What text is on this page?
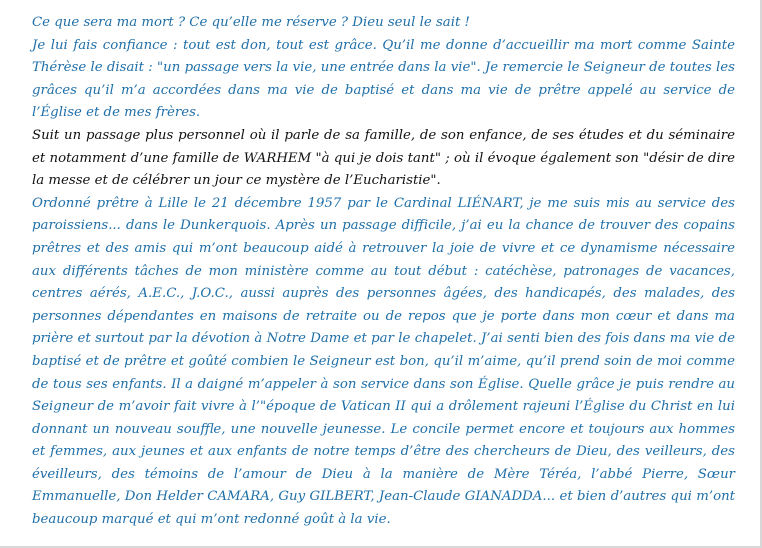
Ce que sera ma mort ? Ce qu’elle me réserve ? Dieu seul le sait !

Je lui fais confiance : tout est don, tout est grâce. Qu’il me donne d’accueillir ma mort comme Sainte Thérèse le disait : "un passage vers la vie, une entrée dans la vie". Je remercie le Seigneur de toutes les grâces qu’il m’a accordées dans ma vie de baptisé et dans ma vie de prêtre appelé au service de l’Église et de mes frères.

Suit un passage plus personnel où il parle de sa famille, de son enfance, de ses études et du séminaire et notamment d’une famille de WARHEM "à qui je dois tant" ; où il évoque également son "désir de dire la messe et de célébrer un jour ce mystère de l’Eucharistie".

Ordonné prêtre à Lille le 21 décembre 1957 par le Cardinal LIÉNART, je me suis mis au service des paroissiens... dans le Dunkerquois. Après un passage difficile, j’ai eu la chance de trouver des copains prêtres et des amis qui m’ont beaucoup aidé à retrouver la joie de vivre et ce dynamisme nécessaire aux différents tâches de mon ministère comme au tout début : catéchèse, patronages de vacances, centres aérés, A.E.C., J.O.C., aussi auprès des personnes âgées, des handicapés, des malades, des personnes dépendantes en maisons de retraite ou de repos que je porte dans mon cœur et dans ma prière et surtout par la dévotion à Notre Dame et par le chapelet. J’ai senti bien des fois dans ma vie de baptisé et de prêtre et goûté combien le Seigneur est bon, qu’il m’aime, qu’il prend soin de moi comme de tous ses enfants. Il a daigné m’appeler à son service dans son Église. Quelle grâce je puis rendre au Seigneur de m’avoir fait vivre à l’"époque de Vatican II qui a drôlement rajeuni l’Église du Christ en lui donnant un nouveau souffle, une nouvelle jeunesse. Le concile permet encore et toujours aux hommes et femmes, aux jeunes et aux enfants de notre temps d’être des chercheurs de Dieu, des veilleurs, des éveilleurs, des témoins de l’amour de Dieu à la manière de Mère Téréa, l’abbé Pierre, Sœur Emmanuelle, Don Helder CAMARA, Guy GILBERT, Jean-Claude GIANADDA... et bien d’autres qui m’ont beaucoup marqué et qui m’ont redonné goût à la vie.
